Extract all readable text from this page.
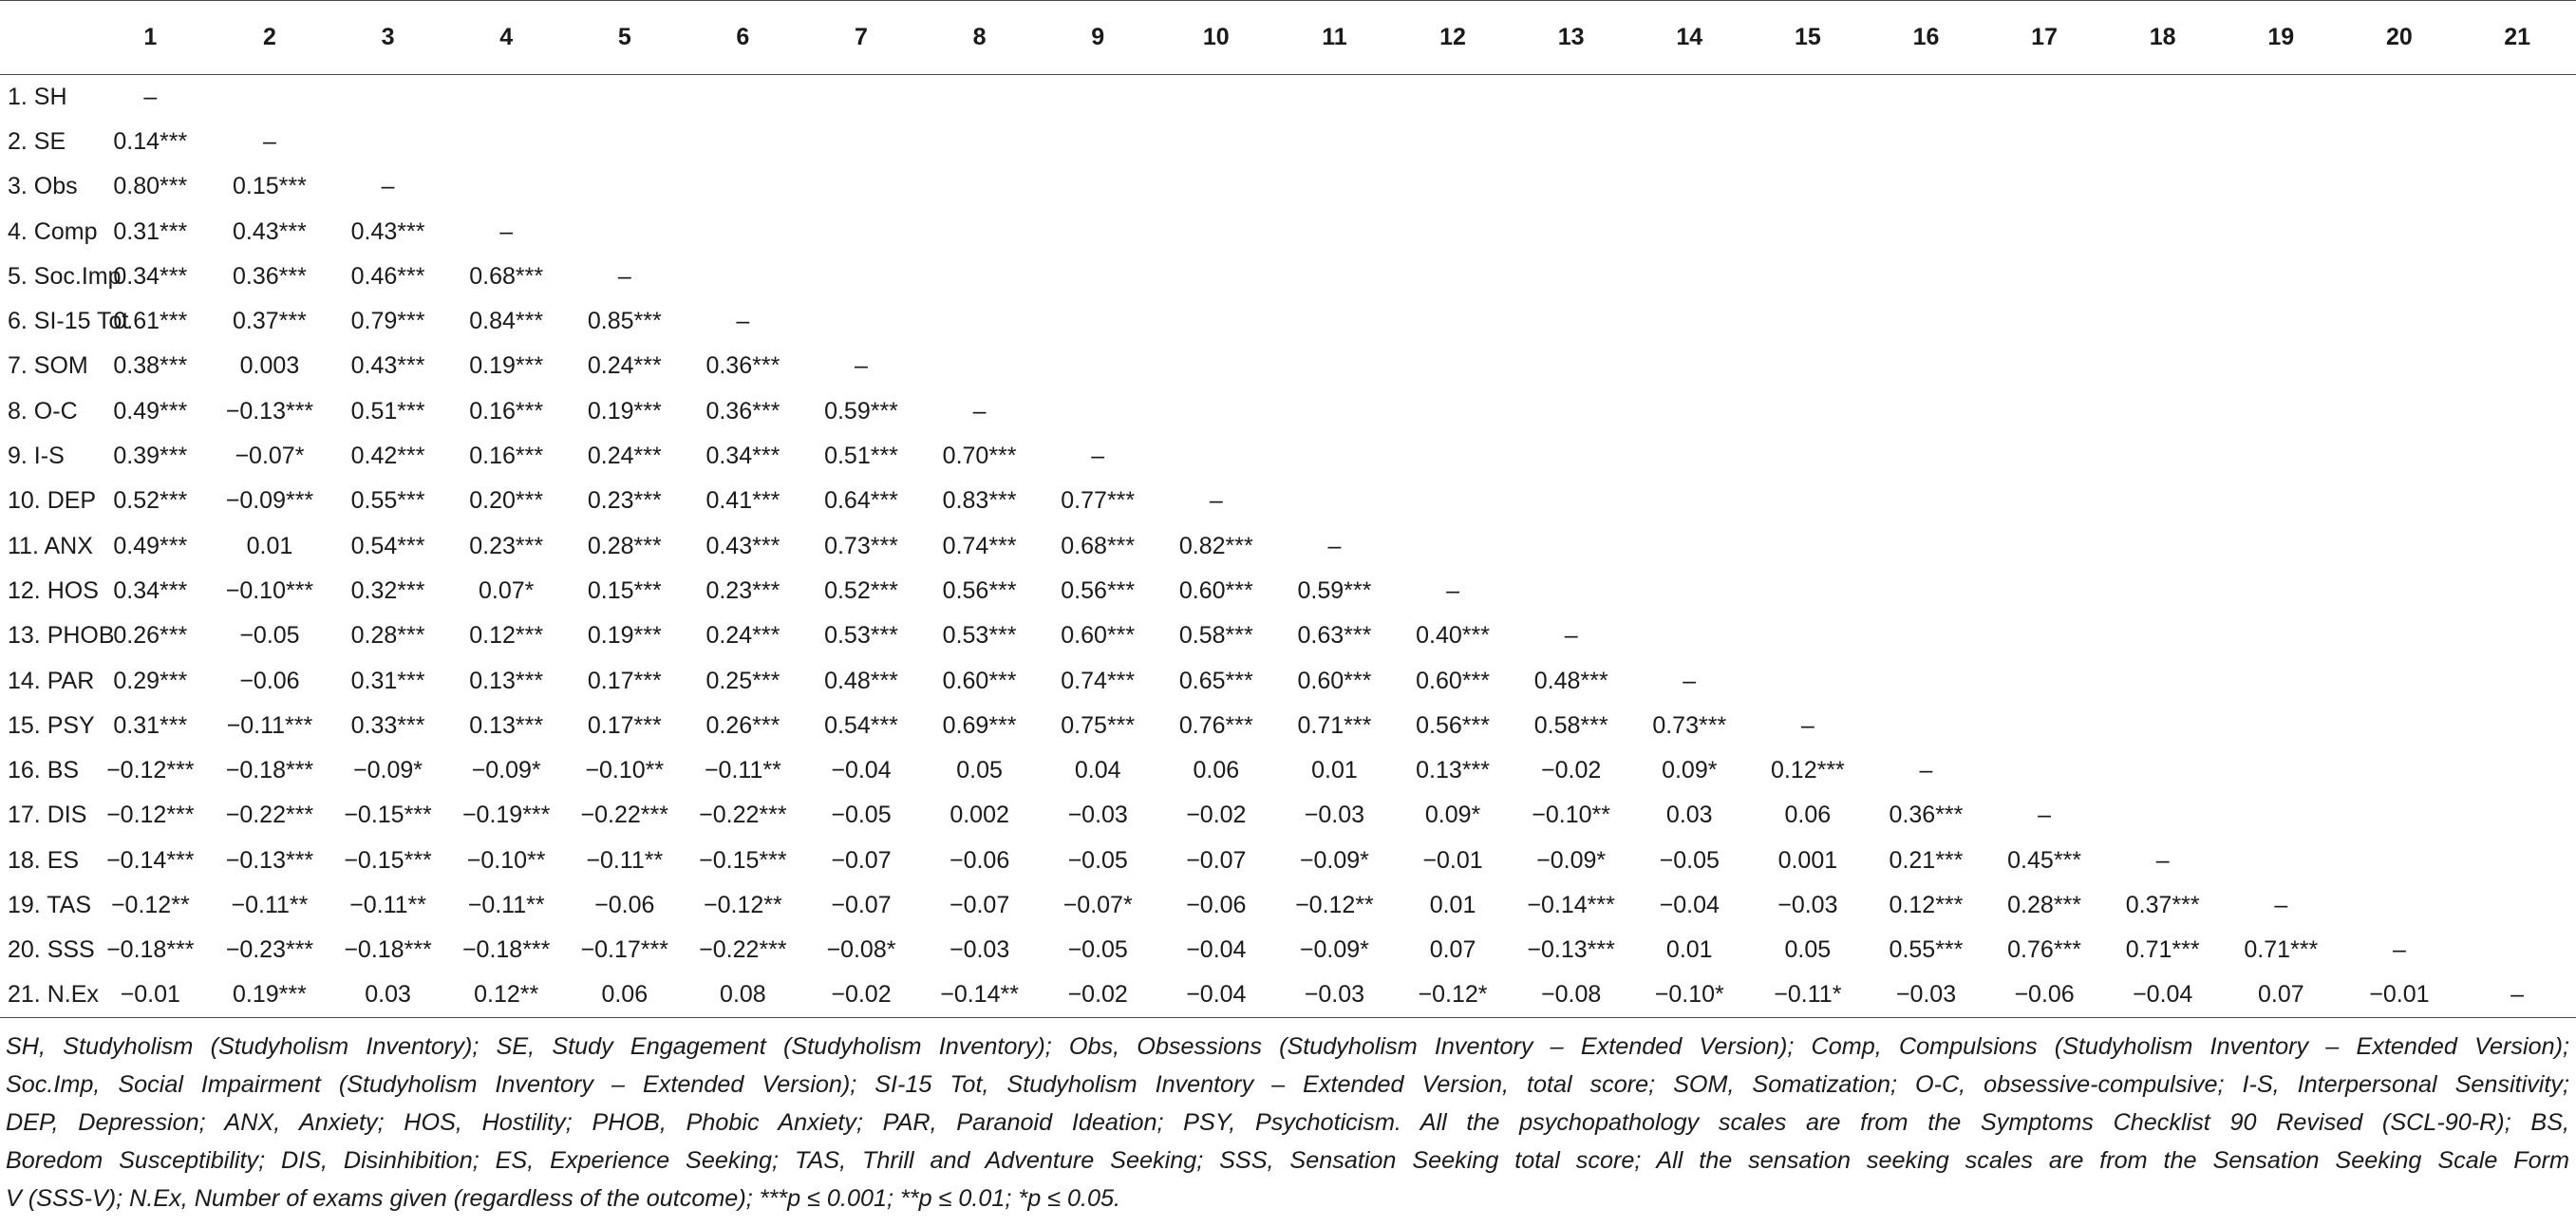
	1	2	3	4	5	6	7	8	9	10	11	12	13	14	15	16	17	18	19	20	21
1. SH	–																				
2. SE	0.14***	–																			
3. Obs	0.80***	0.15***	–																		
4. Comp	0.31***	0.43***	0.43***	–																	
5. Soc.Imp	0.34***	0.36***	0.46***	0.68***	–																
6. SI-15 Tot	0.61***	0.37***	0.79***	0.84***	0.85***	–															
7. SOM	0.38***	0.003	0.43***	0.19***	0.24***	0.36***	–														
8. O-C	0.49***	−0.13***	0.51***	0.16***	0.19***	0.36***	0.59***	–													
9. I-S	0.39***	−0.07*	0.42***	0.16***	0.24***	0.34***	0.51***	0.70***	–												
10. DEP	0.52***	−0.09***	0.55***	0.20***	0.23***	0.41***	0.64***	0.83***	0.77***	–											
11. ANX	0.49***	0.01	0.54***	0.23***	0.28***	0.43***	0.73***	0.74***	0.68***	0.82***	–										
12. HOS	0.34***	−0.10***	0.32***	0.07*	0.15***	0.23***	0.52***	0.56***	0.56***	0.60***	0.59***	–									
13. PHOB	0.26***	−0.05	0.28***	0.12***	0.19***	0.24***	0.53***	0.53***	0.60***	0.58***	0.63***	0.40***	–								
14. PAR	0.29***	−0.06	0.31***	0.13***	0.17***	0.25***	0.48***	0.60***	0.74***	0.65***	0.60***	0.60***	0.48***	–							
15. PSY	0.31***	−0.11***	0.33***	0.13***	0.17***	0.26***	0.54***	0.69***	0.75***	0.76***	0.71***	0.56***	0.58***	0.73***	–						
16. BS	−0.12***	−0.18***	−0.09*	−0.09*	−0.10**	−0.11**	−0.04	0.05	0.04	0.06	0.01	0.13***	−0.02	0.09*	0.12***	–					
17. DIS	−0.12***	−0.22***	−0.15***	−0.19***	−0.22***	−0.22***	−0.05	0.002	−0.03	−0.02	−0.03	0.09*	−0.10**	0.03	0.06	0.36***	–				
18. ES	−0.14***	−0.13***	−0.15***	−0.10**	−0.11**	−0.15***	−0.07	−0.06	−0.05	−0.07	−0.09*	−0.01	−0.09*	−0.05	0.001	0.21***	0.45***	–			
19. TAS	−0.12**	−0.11**	−0.11**	−0.11**	−0.06	−0.12**	−0.07	−0.07	−0.07*	−0.06	−0.12**	0.01	−0.14***	−0.04	−0.03	0.12***	0.28***	0.37***	–		
20. SSS	−0.18***	−0.23***	−0.18***	−0.18***	−0.17***	−0.22***	−0.08*	−0.03	−0.05	−0.04	−0.09*	0.07	−0.13***	0.01	0.05	0.55***	0.76***	0.71***	0.71***	–	
21. N.Ex	−0.01	0.19***	0.03	0.12**	0.06	0.08	−0.02	−0.14**	−0.02	−0.04	−0.03	−0.12*	−0.08	−0.10*	−0.11*	−0.03	−0.06	−0.04	0.07	−0.01	–
SH, Studyholism (Studyholism Inventory); SE, Study Engagement (Studyholism Inventory); Obs, Obsessions (Studyholism Inventory – Extended Version); Comp, Compulsions (Studyholism Inventory – Extended Version);
Soc.Imp, Social Impairment (Studyholism Inventory – Extended Version); SI-15 Tot, Studyholism Inventory – Extended Version, total score; SOM, Somatization; O-C, obsessive-compulsive; I-S, Interpersonal Sensitivity;
DEP, Depression; ANX, Anxiety; HOS, Hostility; PHOB, Phobic Anxiety; PAR, Paranoid Ideation; PSY, Psychoticism. All the psychopathology scales are from the Symptoms Checklist 90 Revised (SCL-90-R); BS,
Boredom Susceptibility; DIS, Disinhibition; ES, Experience Seeking; TAS, Thrill and Adventure Seeking; SSS, Sensation Seeking total score; All the sensation seeking scales are from the Sensation Seeking Scale Form
V (SSS-V); N.Ex, Number of exams given (regardless of the outcome); ***p ≤ 0.001; **p ≤ 0.01; *p ≤ 0.05.
